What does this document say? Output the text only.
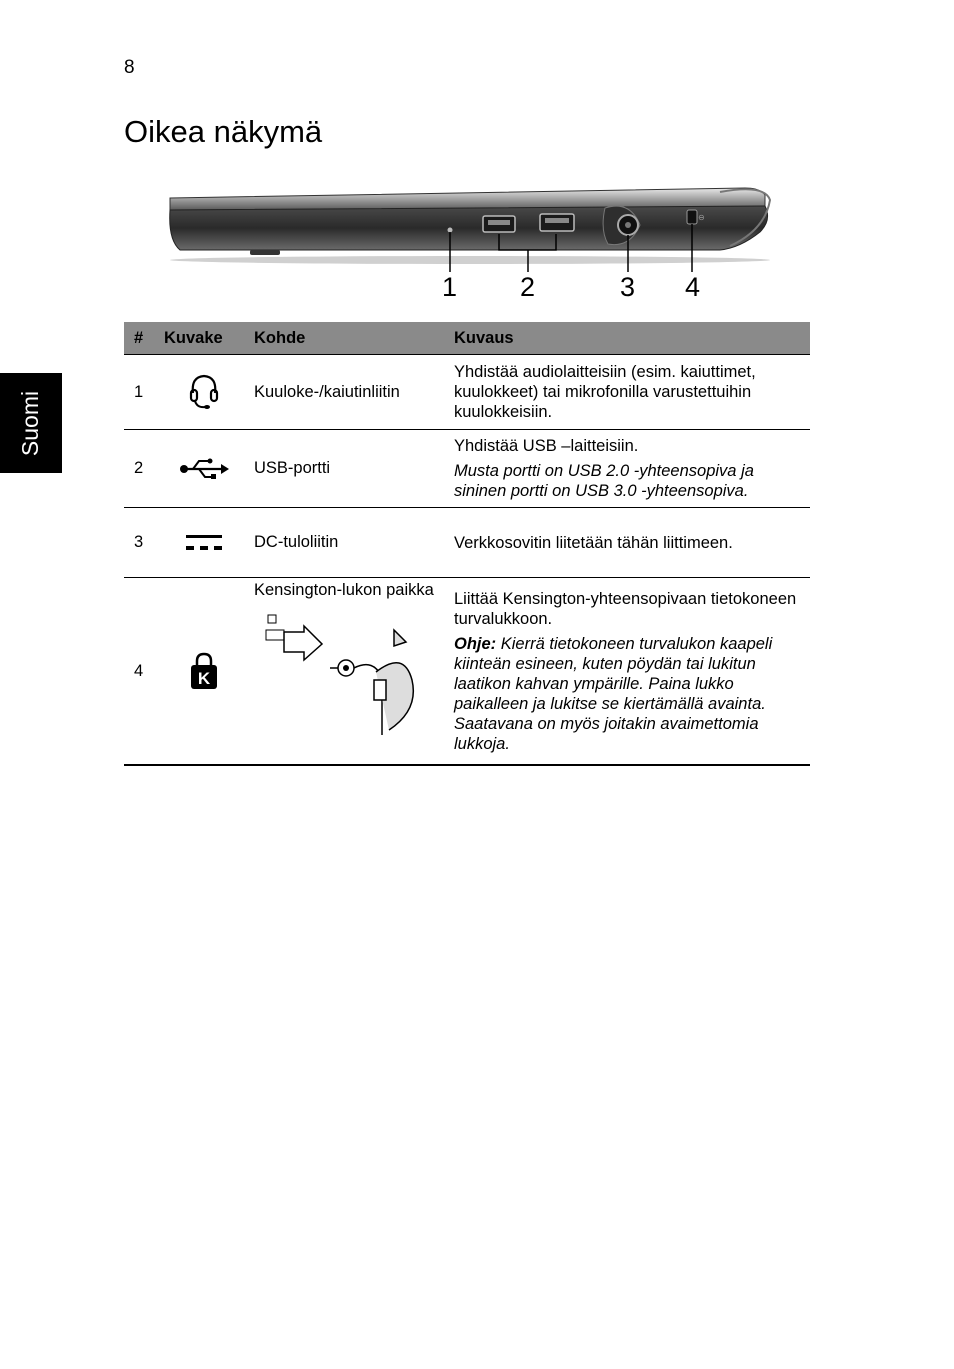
8
Oikea näkymä
Suomi
⊖
1 2	3 4
#	Kuvake	Kohde	Kuvaus
1		Kuuloke-/kaiutinliitin	Yhdistää audiolaitteisiin (esim. kaiuttimet, kuulokkeet) tai mikrofonilla varustettuihin kuulokkeisiin.

2		USB-portti	Yhdistää USB –laitteisiin.

Musta portti on USB 2.0 -yhteensopiva ja sininen portti on USB 3.0 -yhteensopiva.

3		DC-tuloliitin	Verkkosovitin liitetään tähän liittimeen.

4	K	Kensington-lukon paikka	Liittää Kensington-yhteensopivaan tietokoneen turvalukkoon.

Ohje: Kierrä tietokoneen turvalukon kaapeli kiinteän esineen, kuten pöydän tai lukitun laatikon kahvan ympärille. Paina lukko paikalleen ja lukitse se kiertämällä avainta. Saatavana on myös joitakin avaimettomia lukkoja.
